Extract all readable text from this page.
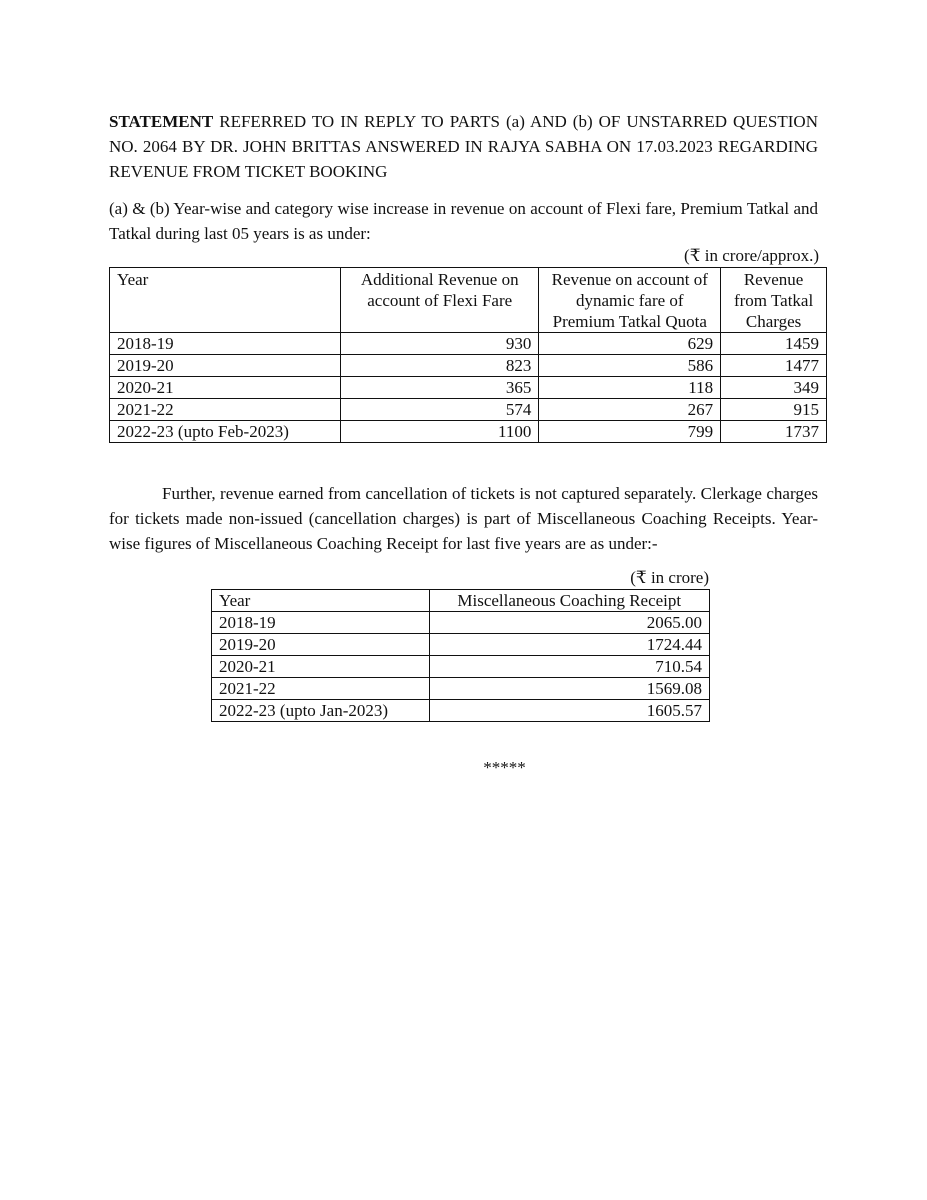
STATEMENT REFERRED TO IN REPLY TO PARTS (a) AND (b) OF UNSTARRED QUESTION NO. 2064 BY DR. JOHN BRITTAS ANSWERED IN RAJYA SABHA ON 17.03.2023 REGARDING REVENUE FROM TICKET BOOKING
(a) & (b) Year-wise and category wise increase in revenue on account of Flexi fare, Premium Tatkal and Tatkal during last 05 years is as under:
(₹ in crore/approx.)
Year	Additional Revenue on account of Flexi Fare	Revenue on account of dynamic fare of Premium Tatkal Quota	Revenue from Tatkal Charges
2018-19	930	629	1459
2019-20	823	586	1477
2020-21	365	118	349
2021-22	574	267	915
2022-23 (upto Feb-2023)	1100	799	1737
Further, revenue earned from cancellation of tickets is not captured separately. Clerkage charges for tickets made non-issued (cancellation charges) is part of Miscellaneous Coaching Receipts. Year-wise figures of Miscellaneous Coaching Receipt for last five years are as under:-
(₹ in crore)
Year	Miscellaneous Coaching Receipt
2018-19	2065.00
2019-20	1724.44
2020-21	710.54
2021-22	1569.08
2022-23 (upto Jan-2023)	1605.57
*****
